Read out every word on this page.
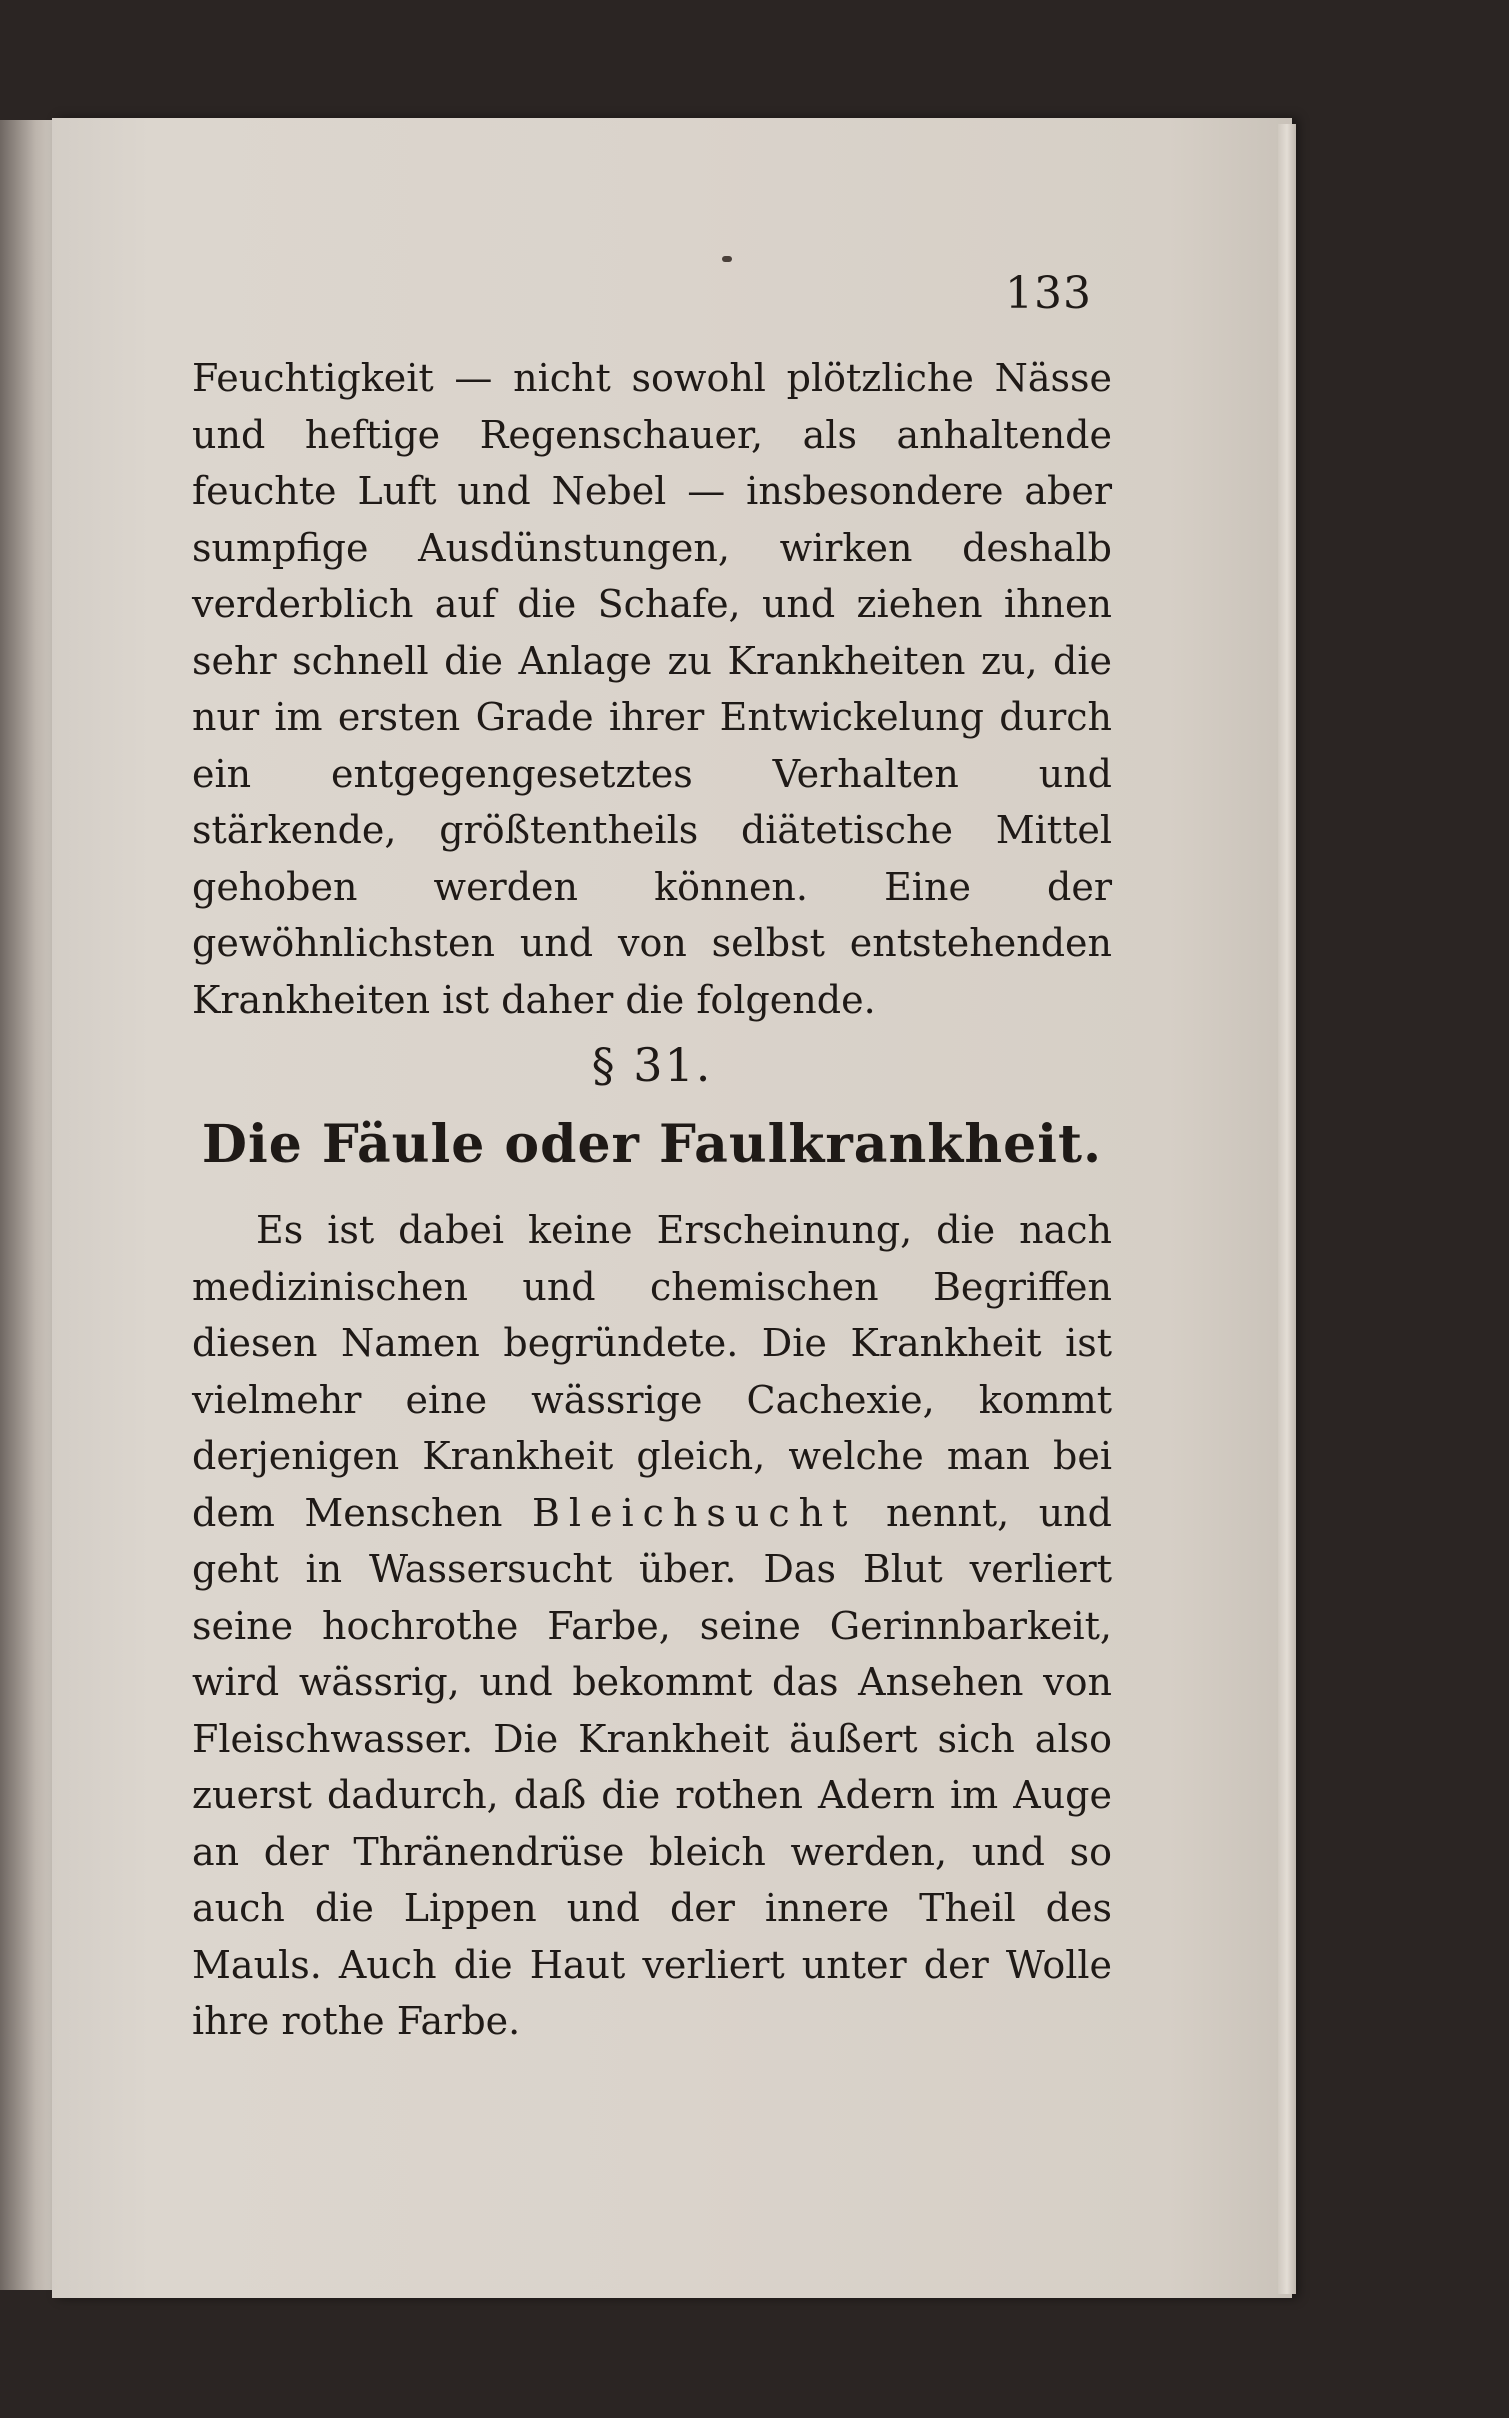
133
Feuchtigkeit — nicht sowohl plötzliche Nässe und heftige Regenschauer, als anhaltende feuchte Luft und Nebel — insbesondere aber sumpfige Ausdünstungen, wirken deshalb verderblich auf die Schafe, und ziehen ihnen sehr schnell die Anlage zu Krankheiten zu, die nur im ersten Grade ihrer Entwickelung durch ein entgegengesetztes Verhalten und stärkende, größtentheils diätetische Mittel gehoben werden können. Eine der gewöhnlichsten und von selbst entstehenden Krankheiten ist daher die folgende.
§ 31.
Die Fäule oder Faulkrankheit.
Es ist dabei keine Erscheinung, die nach medizinischen und chemischen Begriffen diesen Namen begründete. Die Krankheit ist vielmehr eine wässrige Cachexie, kommt derjenigen Krankheit gleich, welche man bei dem Menschen Bleichsucht nennt, und geht in Wassersucht über. Das Blut verliert seine hochrothe Farbe, seine Gerinnbarkeit, wird wässrig, und bekommt das Ansehen von Fleischwasser. Die Krankheit äußert sich also zuerst dadurch, daß die rothen Adern im Auge an der Thränendrüse bleich werden, und so auch die Lippen und der innere Theil des Mauls. Auch die Haut verliert unter der Wolle ihre rothe Farbe.
